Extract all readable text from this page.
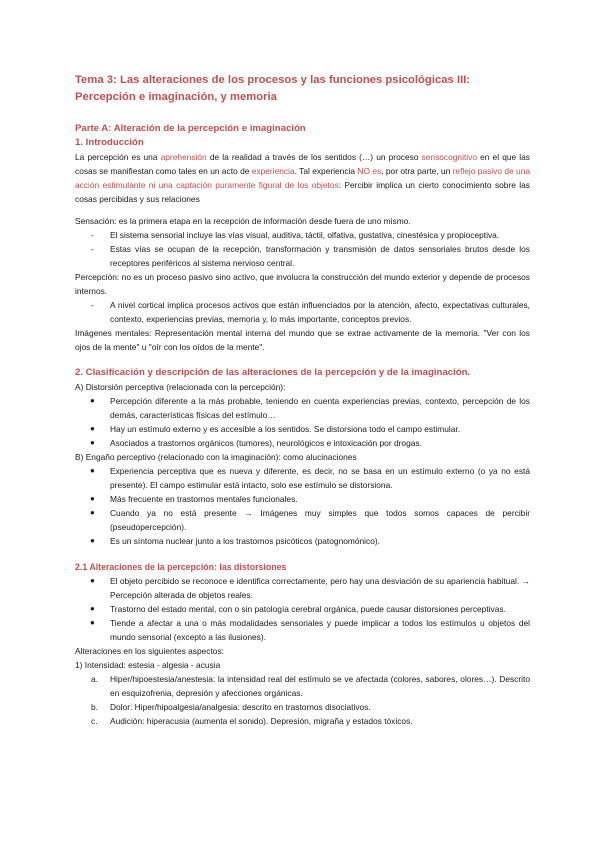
Tema 3: Las alteraciones de los procesos y las funciones psicológicas III: Percepción e imaginación, y memoria
Parte A: Alteración de la percepción e imaginación
1. Introducción

La percepción es una aprehensión de la realidad a través de los sentidos (…) un proceso sensocognitivo en el que las cosas se manifiestan como tales en un acto de experiencia. Tal experiencia NO es, por otra parte, un reflejo pasivo de una acción estimulante ni una captación puramente figural de los objetos: Percibir implica un cierto conocimiento sobre las cosas percibidas y sus relaciones

Sensación: es la primera etapa en la recepción de información desde fuera de uno mismo.

- El sistema sensorial incluye las vías visual, auditiva, táctil, olfativa, gustativa, cinestésica y propioceptiva.
- Estas vías se ocupan de la recepción, transformación y transmisión de datos sensoriales brutos desde los receptores periféricos al sistema nervioso central.

Percepción: no es un proceso pasivo sino activo, que involucra la construcción del mundo exterior y depende de procesos internos.

- A nivel cortical implica procesos activos que están influenciados por la atención, afecto, expectativas culturales, contexto, experiencias previas, memoria y, lo más importante, conceptos previos.

Imágenes mentales: Representación mental interna del mundo que se extrae activamente de la memoria. "Ver con los ojos de la mente" u "oír con los oídos de la mente".

2. Clasificación y descripción de las alteraciones de la percepción y de la imaginación.

A) Distorsión perceptiva (relacionada con la percepción):

● Percepción diferente a la más probable, teniendo en cuenta experiencias previas, contexto, percepción de los demás, características físicas del estímulo…
● Hay un estímulo externo y es accesible a los sentidos. Se distorsiona todo el campo estimular.
● Asociados a trastornos orgánicos (tumores), neurológicos e intoxicación por drogas.

B) Engaño perceptivo (relacionado con la imaginación): como alucinaciones

● Experiencia perceptiva que es nueva y diferente, es decir, no se basa en un estímulo externo (o ya no está presente). El campo estimular está intacto, solo ese estímulo se distorsiona.
● Más frecuente en trastornos mentales funcionales.
● Cuando ya no está presente → Imágenes muy simples que todos somos capaces de percibir (pseudopercepción).
● Es un síntoma nuclear junto a los trastornos psicóticos (patognomónico).
2.1 Alteraciones de la percepción: las distorsiones
● El objeto percibido se reconoce e identifica correctamente, pero hay una desviación de su apariencia habitual. → Percepción alterada de objetos reales.
● Trastorno del estado mental, con o sin patología cerebral orgánica, puede causar distorsiones perceptivas.
● Tiende a afectar a una o más modalidades sensoriales y puede implicar a todos los estímulos u objetos del mundo sensorial (excepto a las ilusiones).

Alteraciones en los siguientes aspectos:

1) Intensidad: estesia - algesia - acusia

a. Hiper/hipoestesia/anestesia: la intensidad real del estímulo se ve afectada (colores, sabores, olores…). Descrito en esquizofrenia, depresión y afecciones orgánicas.
b. Dolor: Hiper/hipoalgesia/analgesia: descrito en trastornos disociativos.
c. Audición: hiperacusia (aumenta el sonido). Depresión, migraña y estados tóxicos.
